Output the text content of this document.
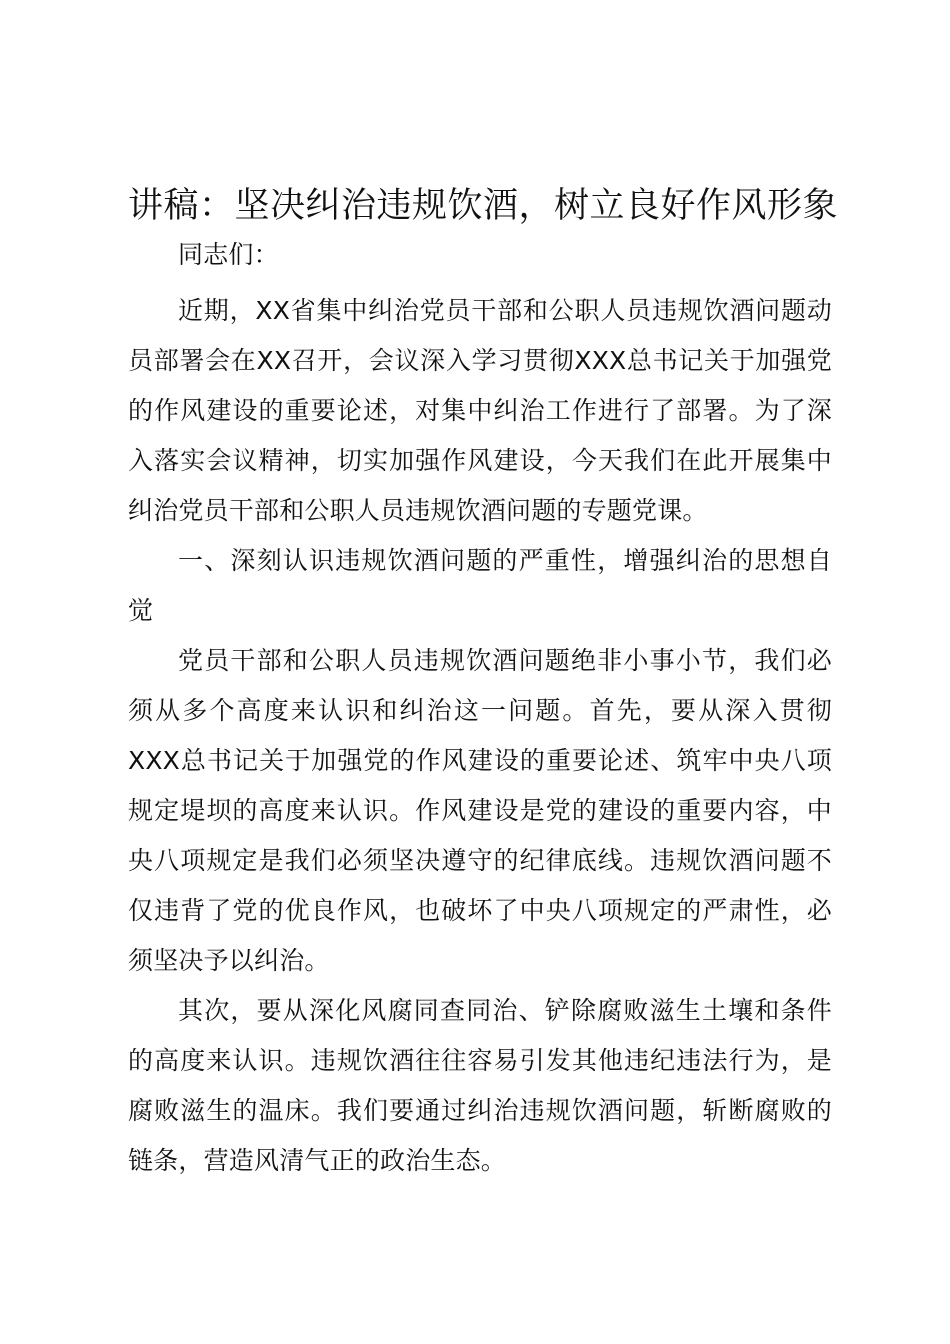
讲稿：坚决纠治违规饮酒，树立良好作风形象

同志们：

近期，XX省集中纠治党员干部和公职人员违规饮酒问题动员部署会在XX召开，会议深入学习贯彻XXX总书记关于加强党的作风建设的重要论述，对集中纠治工作进行了部署。为了深入落实会议精神，切实加强作风建设，今天我们在此开展集中纠治党员干部和公职人员违规饮酒问题的专题党课。

一、深刻认识违规饮酒问题的严重性，增强纠治的思想自觉

党员干部和公职人员违规饮酒问题绝非小事小节，我们必须从多个高度来认识和纠治这一问题。首先，要从深入贯彻XXX总书记关于加强党的作风建设的重要论述、筑牢中央八项规定堤坝的高度来认识。作风建设是党的建设的重要内容，中央八项规定是我们必须坚决遵守的纪律底线。违规饮酒问题不仅违背了党的优良作风，也破坏了中央八项规定的严肃性，必须坚决予以纠治。

其次，要从深化风腐同查同治、铲除腐败滋生土壤和条件的高度来认识。违规饮酒往往容易引发其他违纪违法行为，是腐败滋生的温床。我们要通过纠治违规饮酒问题，斩断腐败的链条，营造风清气正的政治生态。
